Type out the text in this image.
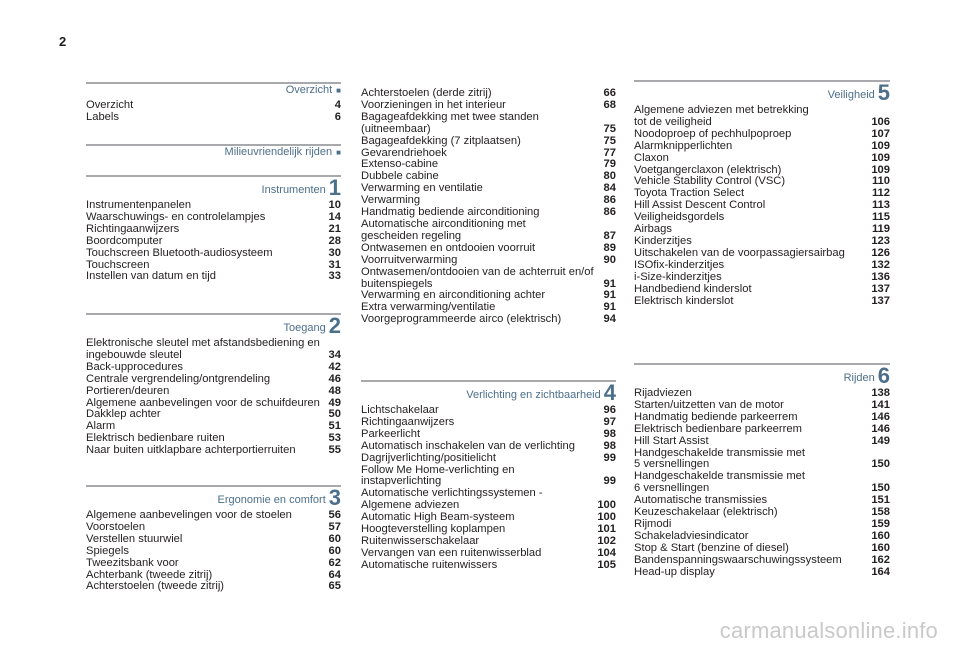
2
Overzicht ■
Overzicht	4
Labels	6
Milieuvriendelijk rijden ■
Instrumenten 1
Instrumentenpanelen	10
Waarschuwings- en controlelampjes	14
Richtingaanwijzers	21
Boordcomputer	28
Touchscreen Bluetooth-audiosysteem	30
Touchscreen	31
Instellen van datum en tijd	33
Toegang 2
Elektronische sleutel met afstandsbediening en
ingebouwde sleutel	34
Back-upprocedures	42
Centrale vergrendeling/ontgrendeling	46
Portieren/deuren	48
Algemene aanbevelingen voor de schuifdeuren 49
Dakklep achter	50
Alarm	51
Elektrisch bedienbare ruiten	53
Naar buiten uitklapbare achterportierruiten	55
Ergonomie en comfort 3
Algemene aanbevelingen voor de stoelen	56
Voorstoelen	57
Verstellen stuurwiel	60
Spiegels	60
Tweezitsbank voor	62
Achterbank (tweede zitrij)	64
Achterstoelen (tweede zitrij)	65
Achterstoelen (derde zitrij)	66
Voorzieningen in het interieur	68
Bagageafdekking met twee standen
(uitneembaar)	75
Bagageafdekking (7 zitplaatsen)	75
Gevarendriehoek	77
Extenso-cabine	79
Dubbele cabine	80
Verwarming en ventilatie	84
Verwarming	86
Handmatig bediende airconditioning	86
Automatische airconditioning met
gescheiden regeling	87
Ontwasemen en ontdooien voorruit	89
Voorruitverwarming	90
Ontwasemen/ontdooien van de achterruit en/of
buitenspiegels	91
Verwarming en airconditioning achter	91
Extra verwarming/ventilatie	91
Voorgeprogrammeerde airco (elektrisch)	94
Verlichting en zichtbaarheid 4
Lichtschakelaar	96
Richtingaanwijzers	97
Parkeerlicht	98
Automatisch inschakelen van de verlichting	98
Dagrijverlichting/positielicht	99
Follow Me Home-verlichting en instapverlichting	99
Automatische verlichtingssystemen -
Algemene adviezen	100
Automatic High Beam-systeem	100
Hoogteverstelling koplampen	101
Ruitenwisserschakelaar	102
Vervangen van een ruitenwisserblad	104
Automatische ruitenwissers	105
Veiligheid 5
Algemene adviezen met betrekking
tot de veiligheid	106
Noodoproep of pechhulpoproep	107
Alarmknipperlichten	109
Claxon	109
Voetgangerclaxon (elektrisch)	109
Vehicle Stability Control (VSC)	110
Toyota Traction Select	112
Hill Assist Descent Control	113
Veiligheidsgordels	115
Airbags	119
Kinderzitjes	123
Uitschakelen van de voorpassagiersairbag	126
ISOfix-kinderzitjes	132
i-Size-kinderzitjes	136
Handbediend kinderslot	137
Elektrisch kinderslot	137
Rijden 6
Rijadviezen	138
Starten/uitzetten van de motor	141
Handmatig bediende parkeerrem	146
Elektrisch bedienbare parkeerrem	146
Hill Start Assist	149
Handgeschakelde transmissie met
5 versnellingen	150
Handgeschakelde transmissie met
6 versnellingen	150
Automatische transmissies	151
Keuzeschakelaar (elektrisch)	158
Rijmodi	159
Schakeladviesindicator	160
Stop & Start (benzine of diesel)	160
Bandenspanningswaarschuwingssysteem	162
Head-up display	164
carmanualsonline.info
